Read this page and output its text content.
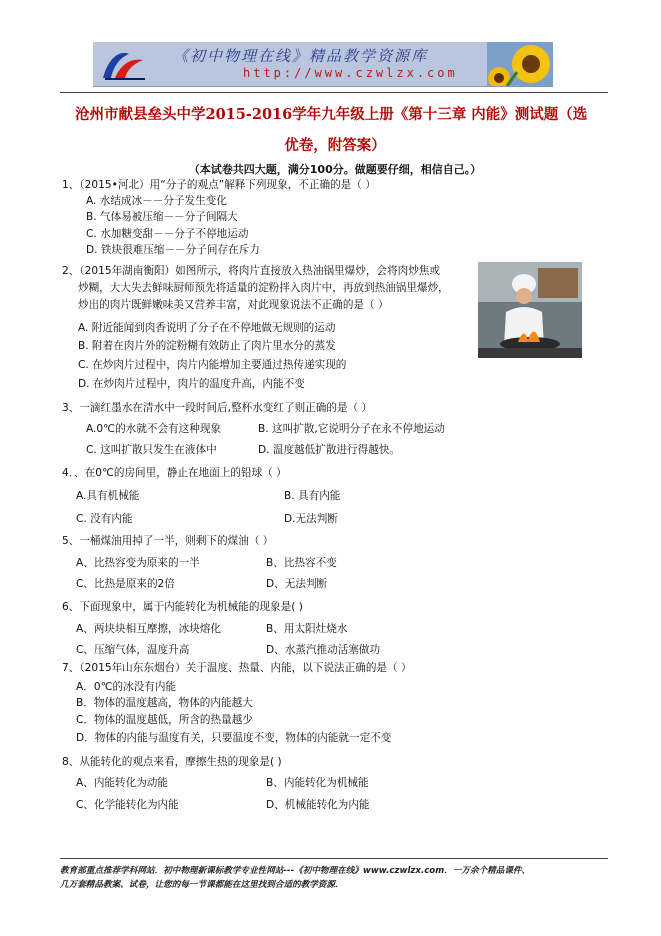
《初中物理在线》精品教学资源库
http://www.czwlzx.com
沧州市献县垒头中学2015-2016学年九年级上册《第十三章 内能》测试题（选
优卷，附答案）
（本试卷共四大题，满分100分。做题要仔细，相信自己。）
1、（2015•河北）用“分子的观点”解释下列现象，不正确的是（ ）
A. 水结成冰－－分子发生变化
B. 气体易被压缩－－分子间隔大
C. 水加糖变甜－－分子不停地运动
D. 铁块很难压缩－－分子间存在斥力
2、（2015年湖南衡阳）如图所示，将肉片直接放入热油锅里爆炒，会将肉炒焦或
炒糊，大大失去鲜味厨师预先将适量的淀粉拌入肉片中，再放到热油锅里爆炒，
炒出的肉片既鲜嫩味美又营养丰富，对此现象说法不正确的是（ ）
A. 附近能闻到肉香说明了分子在不停地做无规则的运动
B. 附着在肉片外的淀粉糊有效防止了肉片里水分的蒸发
C. 在炒肉片过程中，肉片内能增加主要通过热传递实现的
D. 在炒肉片过程中，肉片的温度升高，内能不变
3、一滴红墨水在清水中一段时间后,整杯水变红了则正确的是（ ）
A.0℃的水就不会有这种现象	B. 这叫扩散,它说明分子在永不停地运动
C. 这叫扩散只发生在液体中	D. 温度越低扩散进行得越快。
4．、在0℃的房间里，静止在地面上的铅球（ ）
A.具有机械能	B. 具有内能
C. 没有内能	D.无法判断
5、一桶煤油用掉了一半，则剩下的煤油（ ）
A、比热容变为原来的一半	B、比热容不变
C、比热是原来的2倍	D、无法判断
6、下面现象中，属于内能转化为机械能的现象是( )
A、两块块相互摩擦，冰块熔化	B、用太阳灶烧水
C、压缩气体，温度升高	D、水蒸汽推动活塞做功
7、（2015年山东东烟台）关于温度、热量、内能，以下说法正确的是（ ）
A．0℃的冰没有内能
B．物体的温度越高，物体的内能越大
C．物体的温度越低，所含的热量越少
D．物体的内能与温度有关，只要温度不变，物体的内能就一定不变
8、从能转化的观点来看，摩擦生热的现象是( )
A、内能转化为动能	B、内能转化为机械能
C、化学能转化为内能	D、机械能转化为内能
教育部重点推荐学科网站．初中物理新课标教学专业性网站---《初中物理在线》www.czwlzx.com．一万余个精品课件、
几万套精品教案、试卷，让您的每一节课都能在这里找到合适的教学资源．
